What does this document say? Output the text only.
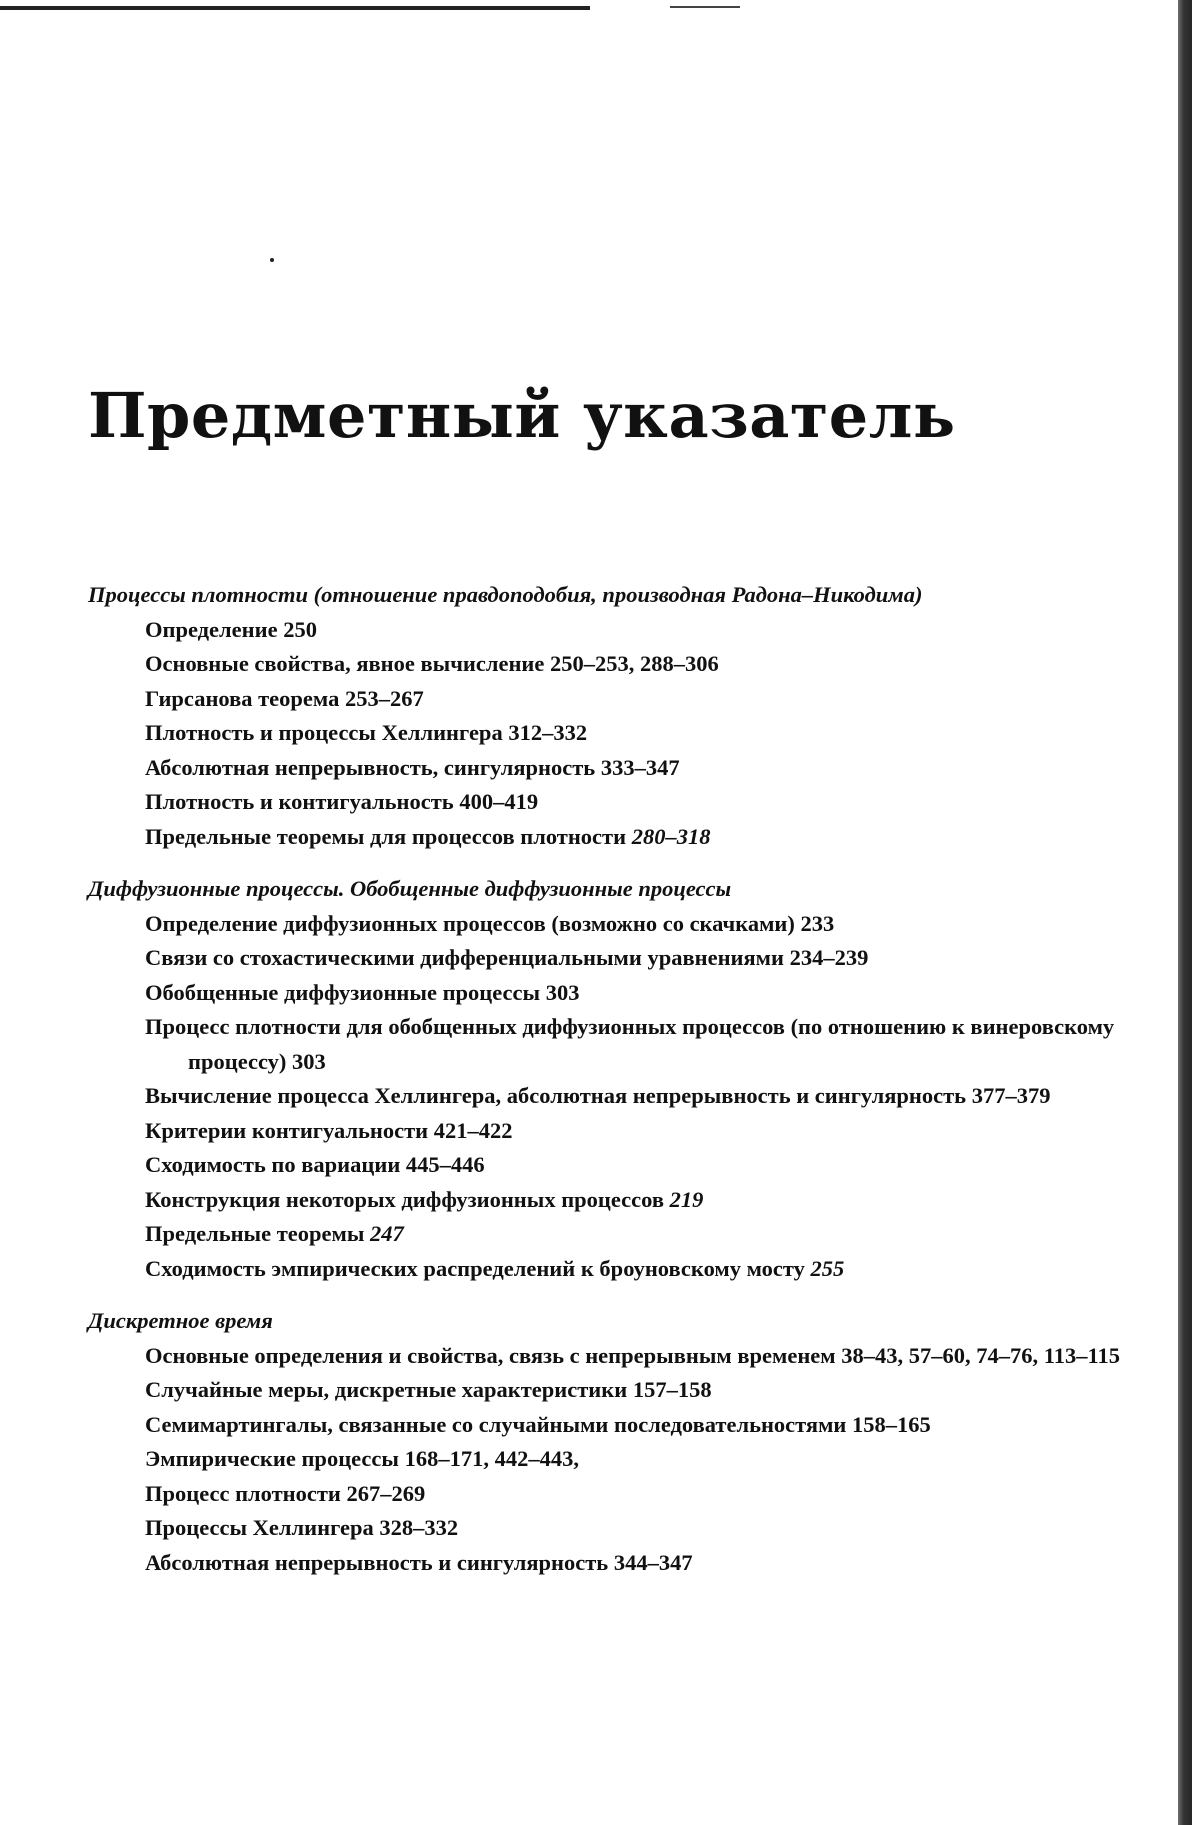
Предметный указатель
Процессы плотности (отношение правдоподобия, производная Радона–Никодима)
Определение 250
Основные свойства, явное вычисление 250–253, 288–306
Гирсанова теорема 253–267
Плотность и процессы Хеллингера 312–332
Абсолютная непрерывность, сингулярность 333–347
Плотность и контигуальность 400–419
Предельные теоремы для процессов плотности 280–318
Диффузионные процессы. Обобщенные диффузионные процессы
Определение диффузионных процессов (возможно со скачками) 233
Связи со стохастическими дифференциальными уравнениями 234–239
Обобщенные диффузионные процессы 303
Процесс плотности для обобщенных диффузионных процессов (по отношению к винеровскому процессу) 303
Вычисление процесса Хеллингера, абсолютная непрерывность и сингулярность 377–379
Критерии контигуальности 421–422
Сходимость по вариации 445–446
Конструкция некоторых диффузионных процессов 219
Предельные теоремы 247
Сходимость эмпирических распределений к броуновскому мосту 255
Дискретное время
Основные определения и свойства, связь с непрерывным временем 38–43, 57–60, 74–76, 113–115
Случайные меры, дискретные характеристики 157–158
Семимартингалы, связанные со случайными последовательностями 158–165
Эмпирические процессы 168–171, 442–443,
Процесс плотности 267–269
Процессы Хеллингера 328–332
Абсолютная непрерывность и сингулярность 344–347
